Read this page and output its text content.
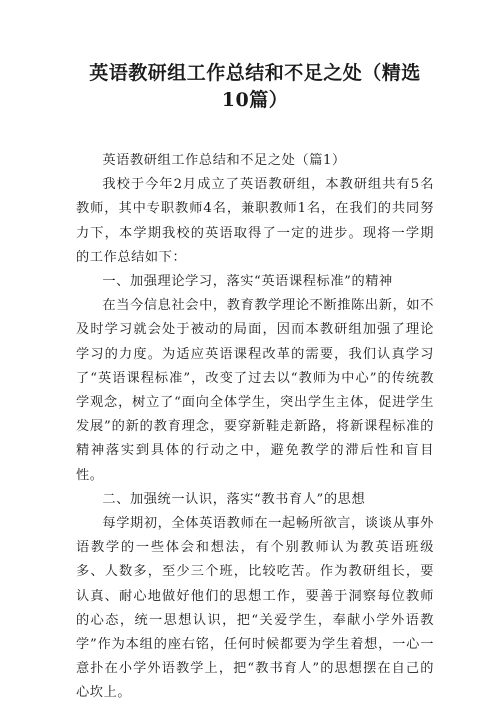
英语教研组工作总结和不足之处（精选10篇）

英语教研组工作总结和不足之处（篇1）

我校于今年2月成立了英语教研组，本教研组共有5名教师，其中专职教师4名，兼职教师1名，在我们的共同努力下，本学期我校的英语取得了一定的进步。现将一学期的工作总结如下：

一、加强理论学习，落实“英语课程标准”的精神

在当今信息社会中，教育教学理论不断推陈出新，如不及时学习就会处于被动的局面，因而本教研组加强了理论学习的力度。为适应英语课程改革的需要，我们认真学习了“英语课程标准”，改变了过去以“教师为中心”的传统教学观念，树立了“面向全体学生，突出学生主体，促进学生发展”的新的教育理念，要穿新鞋走新路，将新课程标准的精神落实到具体的行动之中，避免教学的滞后性和盲目性。

二、加强统一认识，落实“教书育人”的思想

每学期初，全体英语教师在一起畅所欲言，谈谈从事外语教学的一些体会和想法，有个别教师认为教英语班级多、人数多，至少三个班，比较吃苦。作为教研组长，要认真、耐心地做好他们的思想工作，要善于洞察每位教师的心态，统一思想认识，把“关爱学生，奉献小学外语教学”作为本组的座右铭，任何时候都要为学生着想，一心一意扑在小学外语教学上，把“教书育人”的思想摆在自己的心坎上。
